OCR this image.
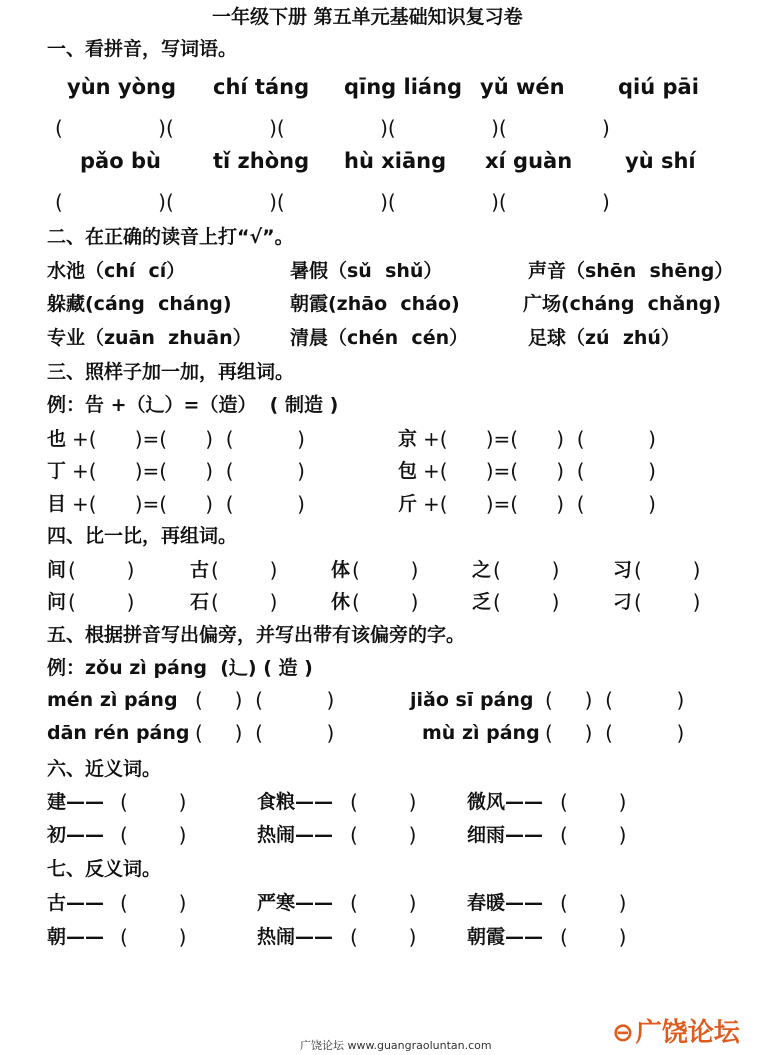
一年级下册 第五单元基础知识复习卷
一、看拼音，写词语。
yùn yòng chí táng qīng liáng yǔ wén	qiú pāi
(               )(               )(               )(               )(               )
pǎo bù tǐ zhòng hù xiāng xí guàn	yù shí
(               )(               )(               )(               )(               )
二、在正确的读音上打“√”。
水池（chí  cí）	暑假（sǔ  shǔ）	声音（shēn  shēng）
躲藏(cáng  cháng)	朝霞(zhāo  cháo)	广场(cháng  chǎng)
专业（zuān  zhuān） 清晨（chén  cén）	足球（zú  zhú）
三、照样子加一加，再组词。
例：告 +（辶）=（造）  ( 制造 )
也 +(      )=(      )  (          )	京 +(      )=(      )  (          )
丁 +(      )=(      )  (          )	包 +(      )=(      )  (          )
目 +(      )=(      )  (          )	斤 +(      )=(      )  (          )
四、比一比，再组词。
间 (        )	古 (        )	体 (        )	之 (        )	习 (        )
问 (        )	石 (        )	休 (        )	乏 (        )	刁 (        )
五、根据拼音写出偏旁，并写出带有该偏旁的字。
例：zǒu zì páng  (辶) ( 造 )
mén zì páng (     )  (          )	jiǎo sī páng (     )  (          )
dān rén páng (     )  (          )	mù zì páng (     )  (          )
六、近义词。
建—— (        )	食粮—— (        )	微风—— (        )
初—— (        )	热闹—— (        )	细雨—— (        )
七、反义词。
古—— (        )	严寒—— (        )	春暖—— (        )
朝—— (        )	热闹—— (        )	朝霞—— (        )
广饶论坛 www.guangraoluntan.com	⊖广饶论坛
